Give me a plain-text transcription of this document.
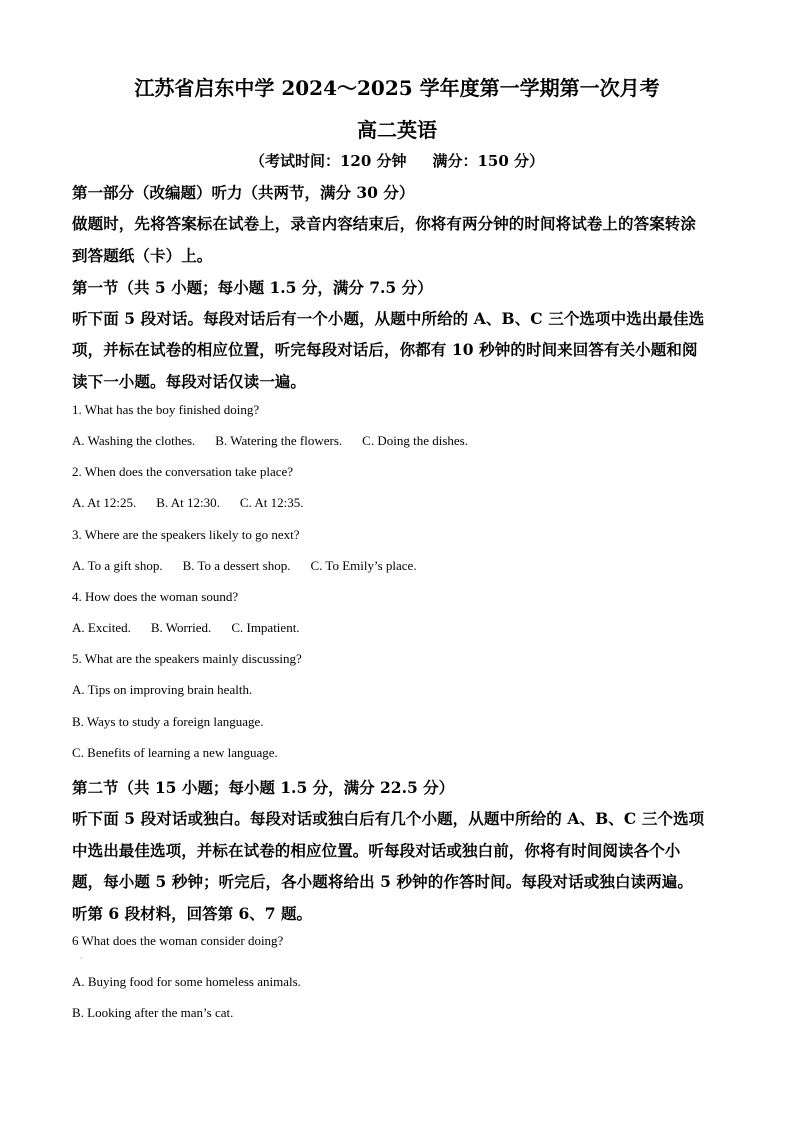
江苏省启东中学 2024～2025 学年度第一学期第一次月考
高二英语
（考试时间：120 分钟 满分：150 分）
第一部分（改编题）听力（共两节，满分 30 分）
做题时，先将答案标在试卷上，录音内容结束后，你将有两分钟的时间将试卷上的答案转涂
到答题纸（卡）上。
第一节（共 5 小题；每小题 1.5 分，满分 7.5 分）
听下面 5 段对话。每段对话后有一个小题，从题中所给的 A、B、C 三个选项中选出最佳选
项，并标在试卷的相应位置，听完每段对话后，你都有 10 秒钟的时间来回答有关小题和阅
读下一小题。每段对话仅读一遍。
1. What has the boy finished doing?
A. Washing the clothes. B. Watering the flowers. C. Doing the dishes.
2. When does the conversation take place?
A. At 12:25. B. At 12:30. C. At 12:35.
3. Where are the speakers likely to go next?
A. To a gift shop. B. To a dessert shop. C. To Emily’s place.
4. How does the woman sound?
A. Excited. B. Worried. C. Impatient.
5. What are the speakers mainly discussing?
A. Tips on improving brain health.
B. Ways to study a foreign language.
C. Benefits of learning a new language.
第二节（共 15 小题；每小题 1.5 分，满分 22.5 分）
听下面 5 段对话或独白。每段对话或独白后有几个小题，从题中所给的 A、B、C 三个选项
中选出最佳选项，并标在试卷的相应位置。听每段对话或独白前，你将有时间阅读各个小
题，每小题 5 秒钟；听完后，各小题将给出 5 秒钟的作答时间。每段对话或独白读两遍。
听第 6 段材料，回答第 6、7 题。
6 What does the woman consider doing?
·
A. Buying food for some homeless animals.
B. Looking after the man’s cat.
